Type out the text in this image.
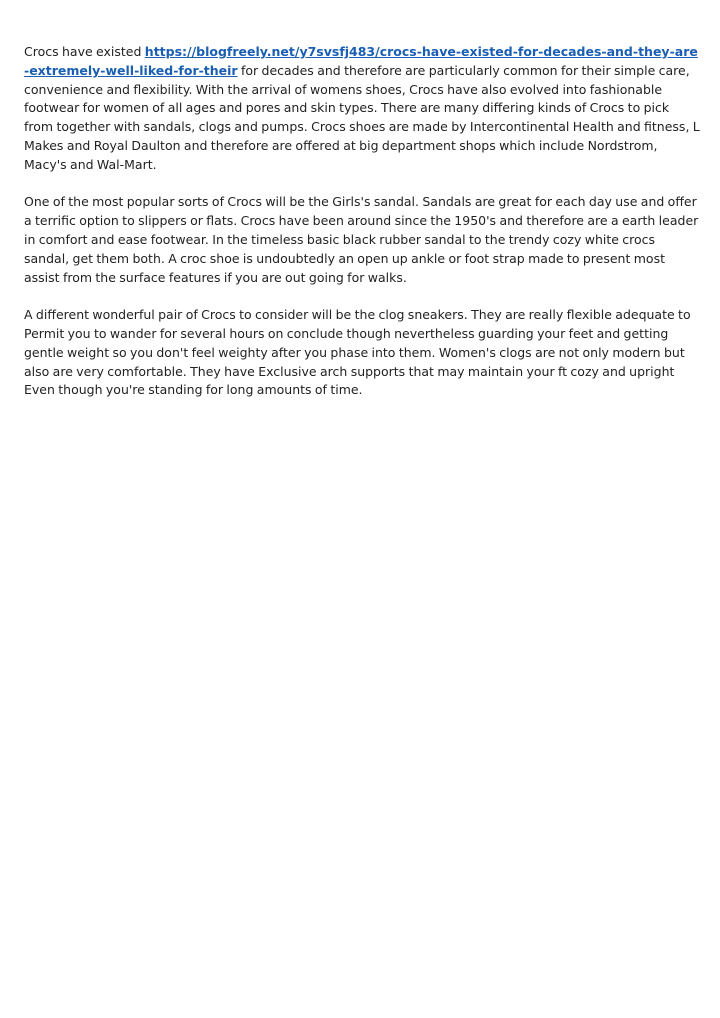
Crocs have existed https://blogfreely.net/y7svsfj483/crocs-have-existed-for-decades-and-they-are-extremely-well-liked-for-their for decades and therefore are particularly common for their simple care, convenience and flexibility. With the arrival of womens shoes, Crocs have also evolved into fashionable footwear for women of all ages and pores and skin types. There are many differing kinds of Crocs to pick from together with sandals, clogs and pumps. Crocs shoes are made by Intercontinental Health and fitness, L Makes and Royal Daulton and therefore are offered at big department shops which include Nordstrom, Macy's and Wal-Mart.

One of the most popular sorts of Crocs will be the Girls's sandal. Sandals are great for each day use and offer a terrific option to slippers or flats. Crocs have been around since the 1950's and therefore are a earth leader in comfort and ease footwear. In the timeless basic black rubber sandal to the trendy cozy white crocs sandal, get them both. A croc shoe is undoubtedly an open up ankle or foot strap made to present most assist from the surface features if you are out going for walks.

A different wonderful pair of Crocs to consider will be the clog sneakers. They are really flexible adequate to Permit you to wander for several hours on conclude though nevertheless guarding your feet and getting gentle weight so you don't feel weighty after you phase into them. Women's clogs are not only modern but also are very comfortable. They have Exclusive arch supports that may maintain your ft cozy and upright Even though you're standing for long amounts of time.
